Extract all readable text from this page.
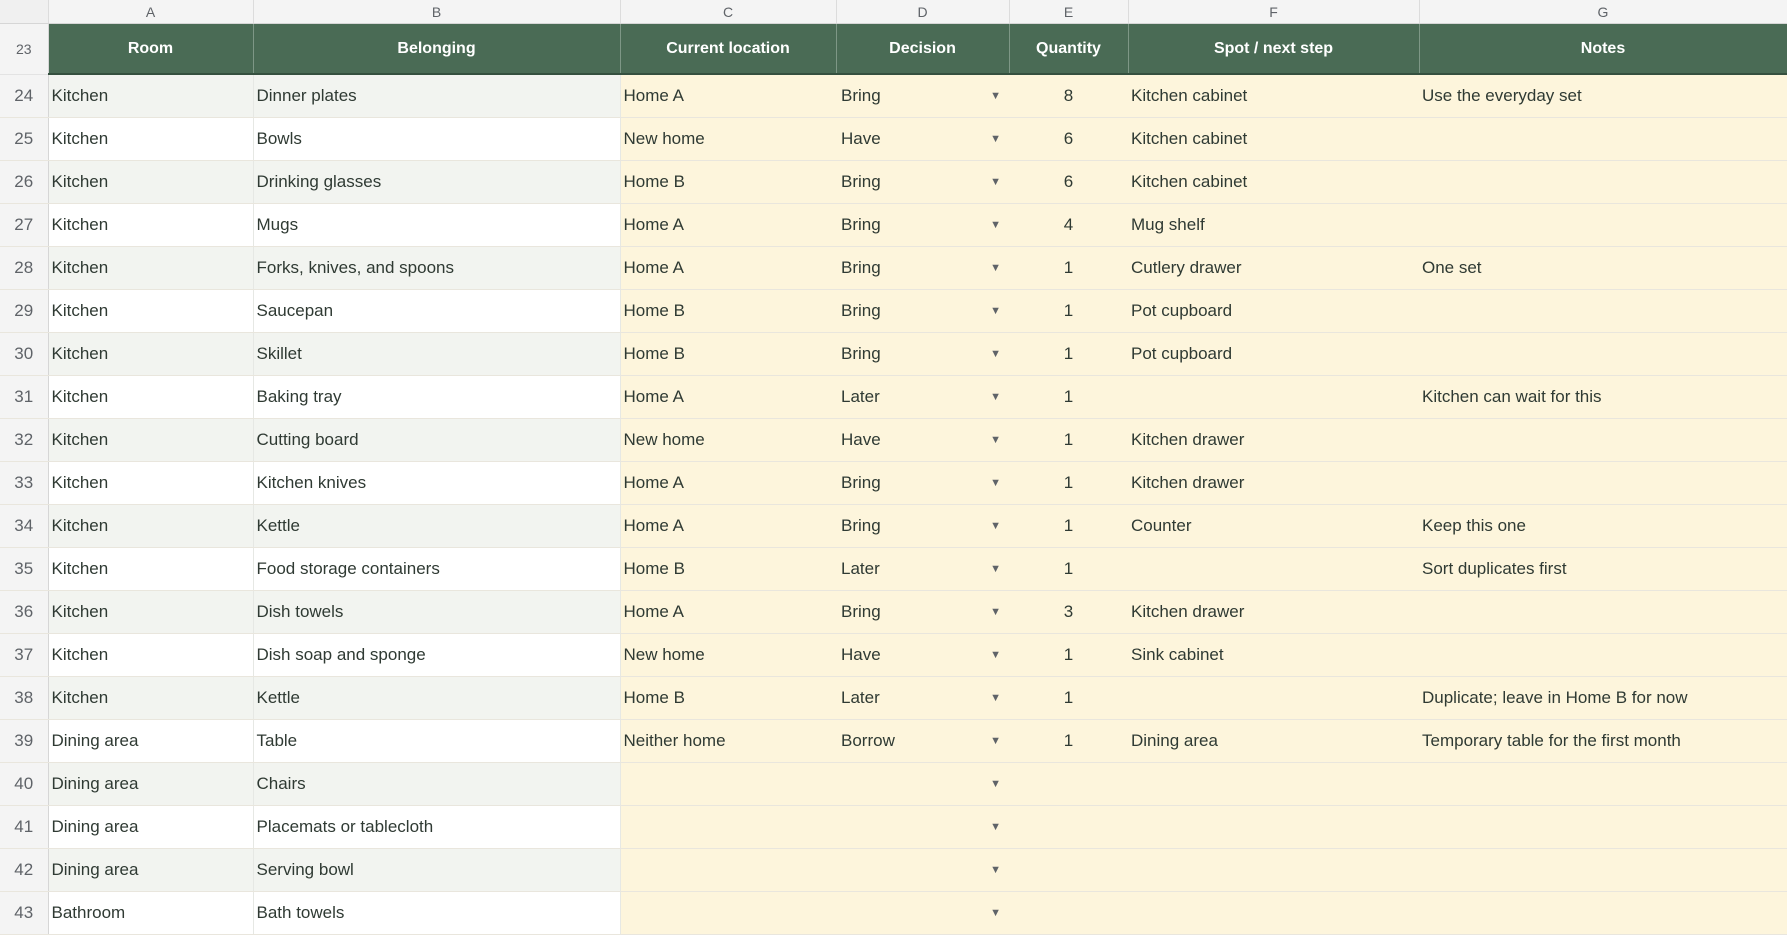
	A	B	C	D	E	F	G
23	Room	Belonging	Current location	Decision	Quantity	Spot / next step	Notes
24	Kitchen	Dinner plates	Home A	Bring ▼	8	Kitchen cabinet	Use the everyday set
25	Kitchen	Bowls	New home	Have ▼	6	Kitchen cabinet	
26	Kitchen	Drinking glasses	Home B	Bring ▼	6	Kitchen cabinet	
27	Kitchen	Mugs	Home A	Bring ▼	4	Mug shelf	
28	Kitchen	Forks, knives, and spoons	Home A	Bring ▼	1	Cutlery drawer	One set
29	Kitchen	Saucepan	Home B	Bring ▼	1	Pot cupboard	
30	Kitchen	Skillet	Home B	Bring ▼	1	Pot cupboard	
31	Kitchen	Baking tray	Home A	Later ▼	1		Kitchen can wait for this
32	Kitchen	Cutting board	New home	Have ▼	1	Kitchen drawer	
33	Kitchen	Kitchen knives	Home A	Bring ▼	1	Kitchen drawer	
34	Kitchen	Kettle	Home A	Bring ▼	1	Counter	Keep this one
35	Kitchen	Food storage containers	Home B	Later ▼	1		Sort duplicates first
36	Kitchen	Dish towels	Home A	Bring ▼	3	Kitchen drawer	
37	Kitchen	Dish soap and sponge	New home	Have ▼	1	Sink cabinet	
38	Kitchen	Kettle	Home B	Later ▼	1		Duplicate; leave in Home B for now
39	Dining area	Table	Neither home	Borrow ▼	1	Dining area	Temporary table for the first month
40	Dining area	Chairs		▼			

41	Dining area	Placemats or tablecloth		▼			

42	Dining area	Serving bowl		▼			

43	Bathroom	Bath towels		▼			
